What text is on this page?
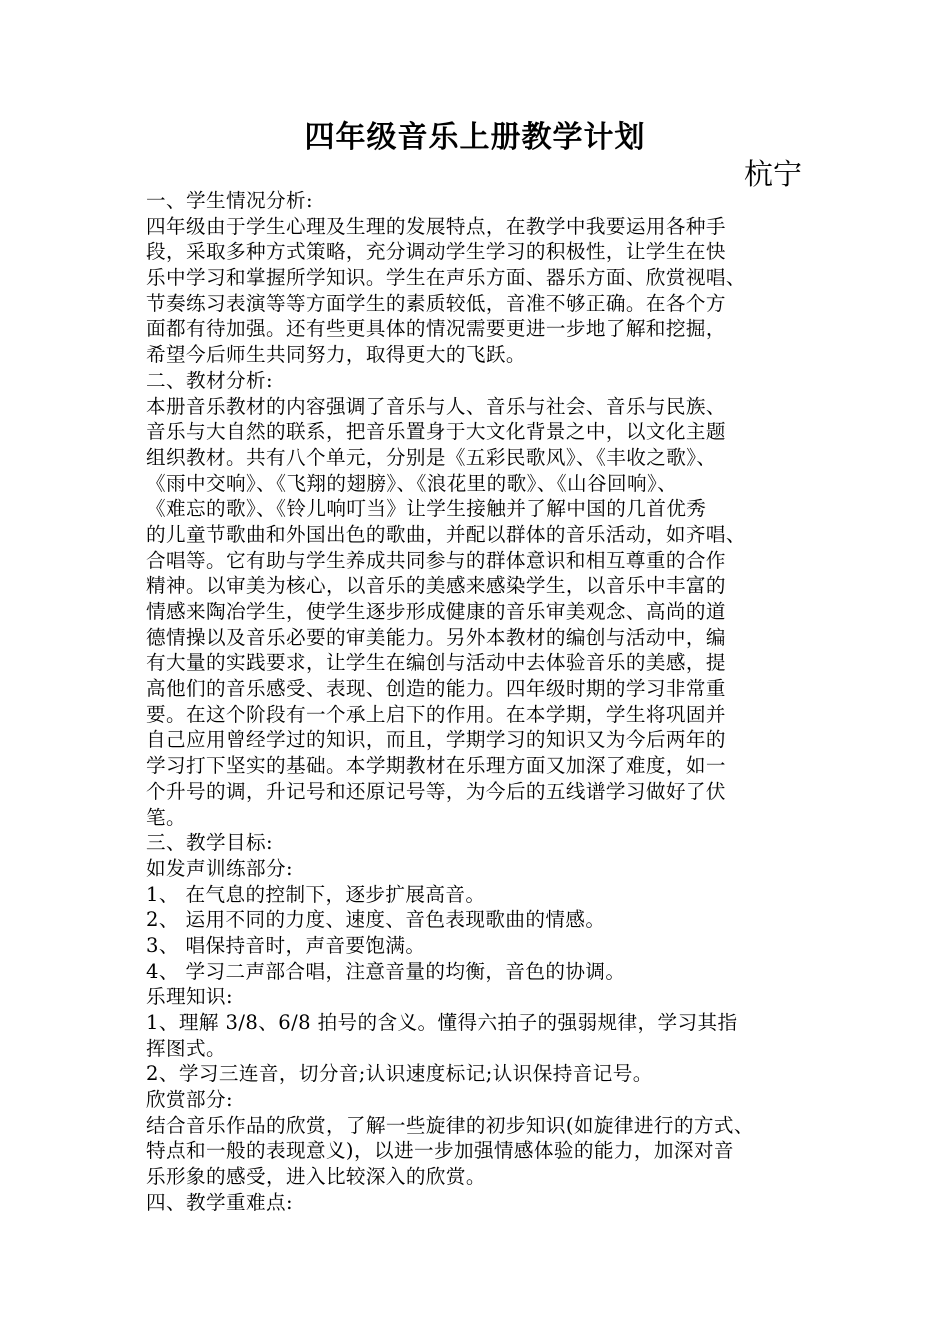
四年级音乐上册教学计划
杭宁
一、学生情况分析:
四年级由于学生心理及生理的发展特点，在教学中我要运用各种手
段，采取多种方式策略，充分调动学生学习的积极性，让学生在快
乐中学习和掌握所学知识。学生在声乐方面、器乐方面、欣赏视唱、
节奏练习表演等等方面学生的素质较低，音准不够正确。在各个方
面都有待加强。还有些更具体的情况需要更进一步地了解和挖掘，
希望今后师生共同努力，取得更大的飞跃。
二、教材分析:
本册音乐教材的内容强调了音乐与人、音乐与社会、音乐与民族、
音乐与大自然的联系，把音乐置身于大文化背景之中，以文化主题
组织教材。共有八个单元，分别是《五彩民歌风》、《丰收之歌》、
《雨中交响》、《飞翔的翅膀》、《浪花里的歌》、《山谷回响》、
《难忘的歌》、《铃儿响叮当》让学生接触并了解中国的几首优秀
的儿童节歌曲和外国出色的歌曲，并配以群体的音乐活动，如齐唱、
合唱等。它有助与学生养成共同参与的群体意识和相互尊重的合作
精神。以审美为核心，以音乐的美感来感染学生，以音乐中丰富的
情感来陶冶学生，使学生逐步形成健康的音乐审美观念、高尚的道
德情操以及音乐必要的审美能力。另外本教材的编创与活动中，编
有大量的实践要求，让学生在编创与活动中去体验音乐的美感，提
高他们的音乐感受、表现、创造的能力。四年级时期的学习非常重
要。在这个阶段有一个承上启下的作用。在本学期，学生将巩固并
自己应用曾经学过的知识，而且，学期学习的知识又为今后两年的
学习打下坚实的基础。本学期教材在乐理方面又加深了难度，如一
个升号的调，升记号和还原记号等，为今后的五线谱学习做好了伏
笔。
三、教学目标:
如发声训练部分:
1、 在气息的控制下，逐步扩展高音。
2、 运用不同的力度、速度、音色表现歌曲的情感。
3、 唱保持音时，声音要饱满。
4、 学习二声部合唱，注意音量的均衡，音色的协调。
乐理知识:
1、理解 3/8、6/8 拍号的含义。懂得六拍子的强弱规律，学习其指
挥图式。
2、学习三连音，切分音;认识速度标记;认识保持音记号。
欣赏部分:
结合音乐作品的欣赏，了解一些旋律的初步知识(如旋律进行的方式、
特点和一般的表现意义)，以进一步加强情感体验的能力，加深对音
乐形象的感受，进入比较深入的欣赏。
四、教学重难点:
